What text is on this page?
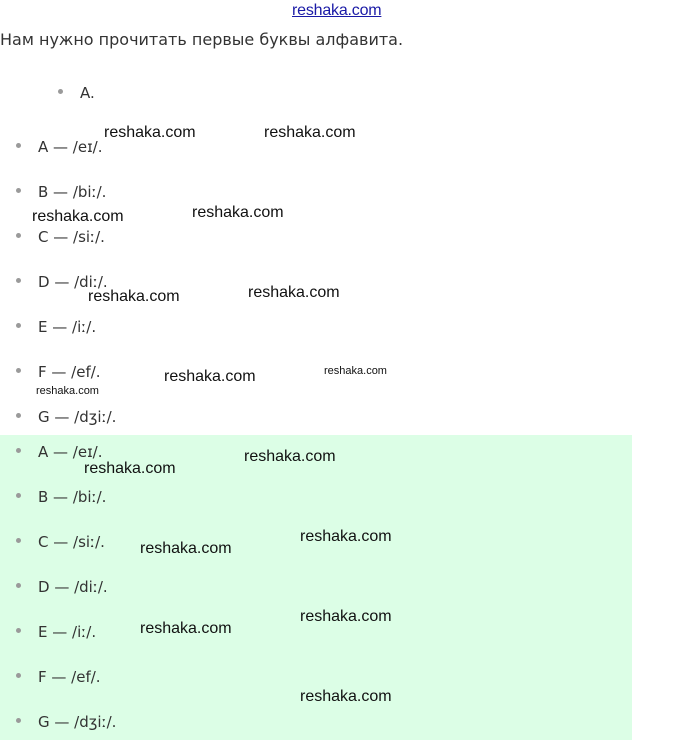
reshaka.com
Нам нужно прочитать первые буквы алфавита.
A.
A — /eɪ/.
B — /biː/.
C — /siː/.
D — /diː/.
E — /iː/.
F — /ef/.
G — /dʒiː/.
A — /eɪ/.
B — /biː/.
C — /siː/.
D — /diː/.
E — /iː/.
F — /ef/.
G — /dʒiː/.
reshaka.com	reshaka.com
reshaka.com	reshaka.com
reshaka.com	reshaka.com
reshaka.com	reshaka.com
reshaka.com
reshaka.com
reshaka.com
reshaka.com
reshaka.com
reshaka.com
reshaka.com
reshaka.com
